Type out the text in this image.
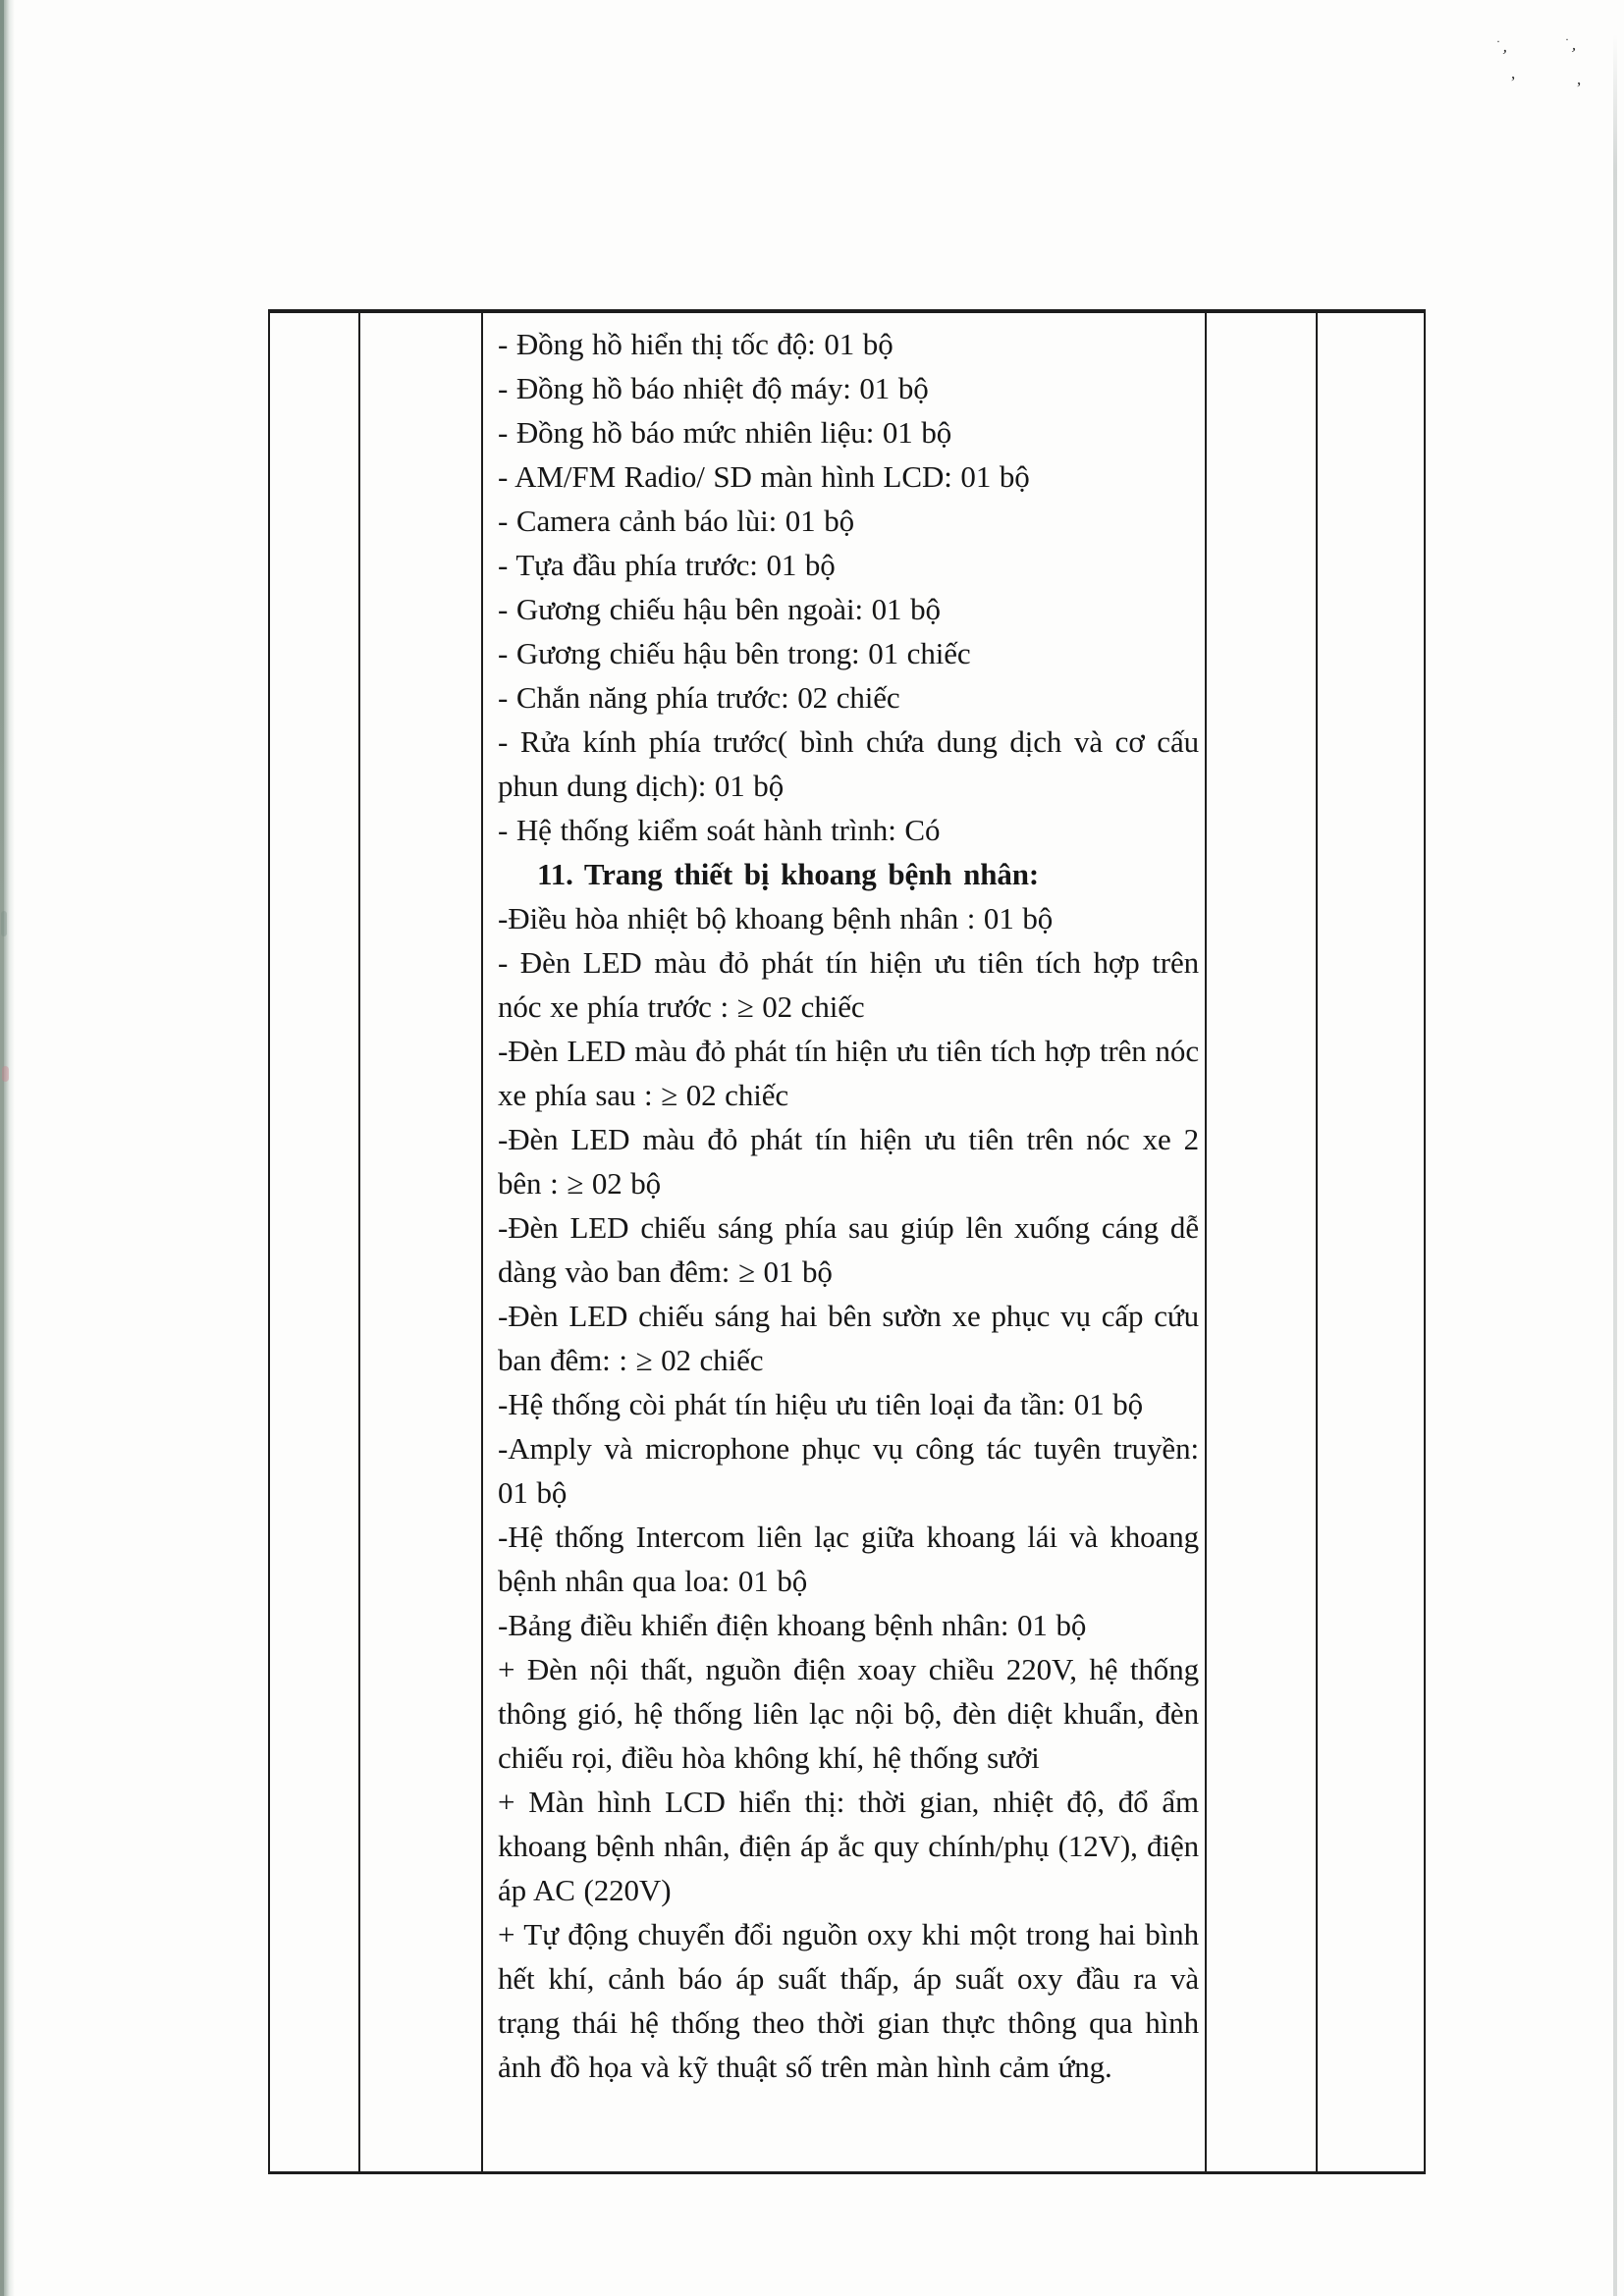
·
ʼ
,
·
ʼ
,

- Đồng hồ hiển thị tốc độ: 01 bộ

- Đồng hồ báo nhiệt độ máy: 01 bộ

- Đồng hồ báo mức nhiên liệu: 01 bộ

- AM/FM Radio/ SD màn hình LCD: 01 bộ

- Camera cảnh báo lùi: 01 bộ

- Tựa đầu phía trước: 01 bộ

- Gương chiếu hậu bên ngoài: 01 bộ

- Gương chiếu hậu bên trong: 01 chiếc

- Chắn năng phía trước: 02 chiếc

- Rửa kính phía trước( bình chứa dung dịch và cơ cấu phun dung dịch): 01 bộ

- Hệ thống kiểm soát hành trình: Có

11. Trang thiết bị khoang bệnh nhân:

-Điều hòa nhiệt bộ khoang bệnh nhân : 01 bộ

- Đèn LED màu đỏ phát tín hiện ưu tiên tích hợp trên nóc xe phía trước : ≥ 02 chiếc

-Đèn LED màu đỏ phát tín hiện ưu tiên tích hợp trên nóc xe phía sau : ≥ 02 chiếc

-Đèn LED màu đỏ phát tín hiện ưu tiên trên nóc xe 2 bên : ≥ 02 bộ

-Đèn LED chiếu sáng phía sau giúp lên xuống cáng dễ dàng vào ban đêm: ≥ 01 bộ

-Đèn LED chiếu sáng hai bên sườn xe phục vụ cấp cứu ban đêm: : ≥ 02 chiếc

-Hệ thống còi phát tín hiệu ưu tiên loại đa tần: 01 bộ

-Amply và microphone phục vụ công tác tuyên truyền: 01 bộ

-Hệ thống Intercom liên lạc giữa khoang lái và khoang bệnh nhân qua loa: 01 bộ

-Bảng điều khiển điện khoang bệnh nhân: 01 bộ

+ Đèn nội thất, nguồn điện xoay chiều 220V, hệ thống thông gió, hệ thống liên lạc nội bộ, đèn diệt khuẩn, đèn chiếu rọi, điều hòa không khí, hệ thống sưởi

+ Màn hình LCD hiển thị: thời gian, nhiệt độ, đổ ẩm khoang bệnh nhân, điện áp ắc quy chính/phụ (12V), điện áp AC (220V)

+ Tự động chuyển đổi nguồn oxy khi một trong hai bình hết khí, cảnh báo áp suất thấp, áp suất oxy đầu ra và trạng thái hệ thống theo thời gian thực thông qua hình ảnh đồ họa và kỹ thuật số trên màn hình cảm ứng.
